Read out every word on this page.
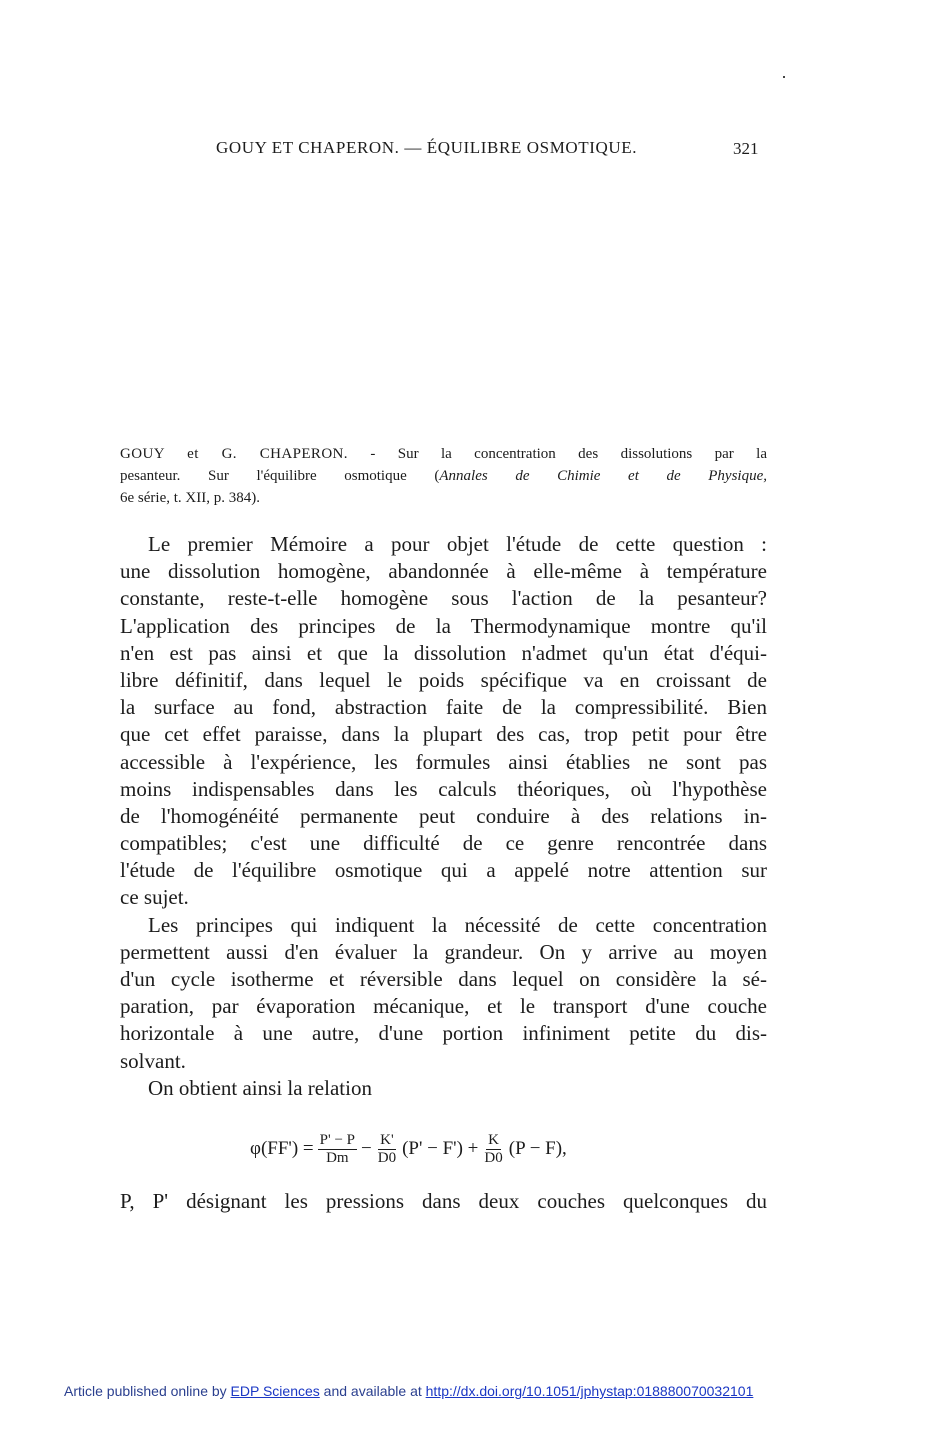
GOUY ET CHAPERON. — ÉQUILIBRE OSMOTIQUE.	321
GOUY et G. CHAPERON. - Sur la concentration des dissolutions par la
pesanteur. Sur l'équilibre osmotique (Annales de Chimie et de Physique,
6e série, t. XII, p. 384).
Le premier Mémoire a pour objet l'étude de cette question :
une dissolution homogène, abandonnée à elle-même à température
constante, reste-t-elle homogène sous l'action de la pesanteur?
L'application des principes de la Thermodynamique montre qu'il
n'en est pas ainsi et que la dissolution n'admet qu'un état d'équi-
libre définitif, dans lequel le poids spécifique va en croissant de
la surface au fond, abstraction faite de la compressibilité. Bien
que cet effet paraisse, dans la plupart des cas, trop petit pour être
accessible à l'expérience, les formules ainsi établies ne sont pas
moins indispensables dans les calculs théoriques, où l'hypothèse
de l'homogénéité permanente peut conduire à des relations in-
compatibles; c'est une difficulté de ce genre rencontrée dans
l'étude de l'équilibre osmotique qui a appelé notre attention sur
ce sujet.
Les principes qui indiquent la nécessité de cette concentration
permettent aussi d'en évaluer la grandeur. On y arrive au moyen
d'un cycle isotherme et réversible dans lequel on considère la sé-
paration, par évaporation mécanique, et le transport d'une couche
horizontale à une autre, d'une portion infiniment petite du dis-
solvant.
On obtient ainsi la relation
$\varphi(FF') = \frac{P' - P}{Dm} - \frac{K'}{D0} (P' - F') + \frac{K}{D0} (P - F)$,
P, P' désignant les pressions dans deux couches quelconques du
Article published online by EDP Sciences and available at http://dx.doi.org/10.1051/jphystap:018880070032101
